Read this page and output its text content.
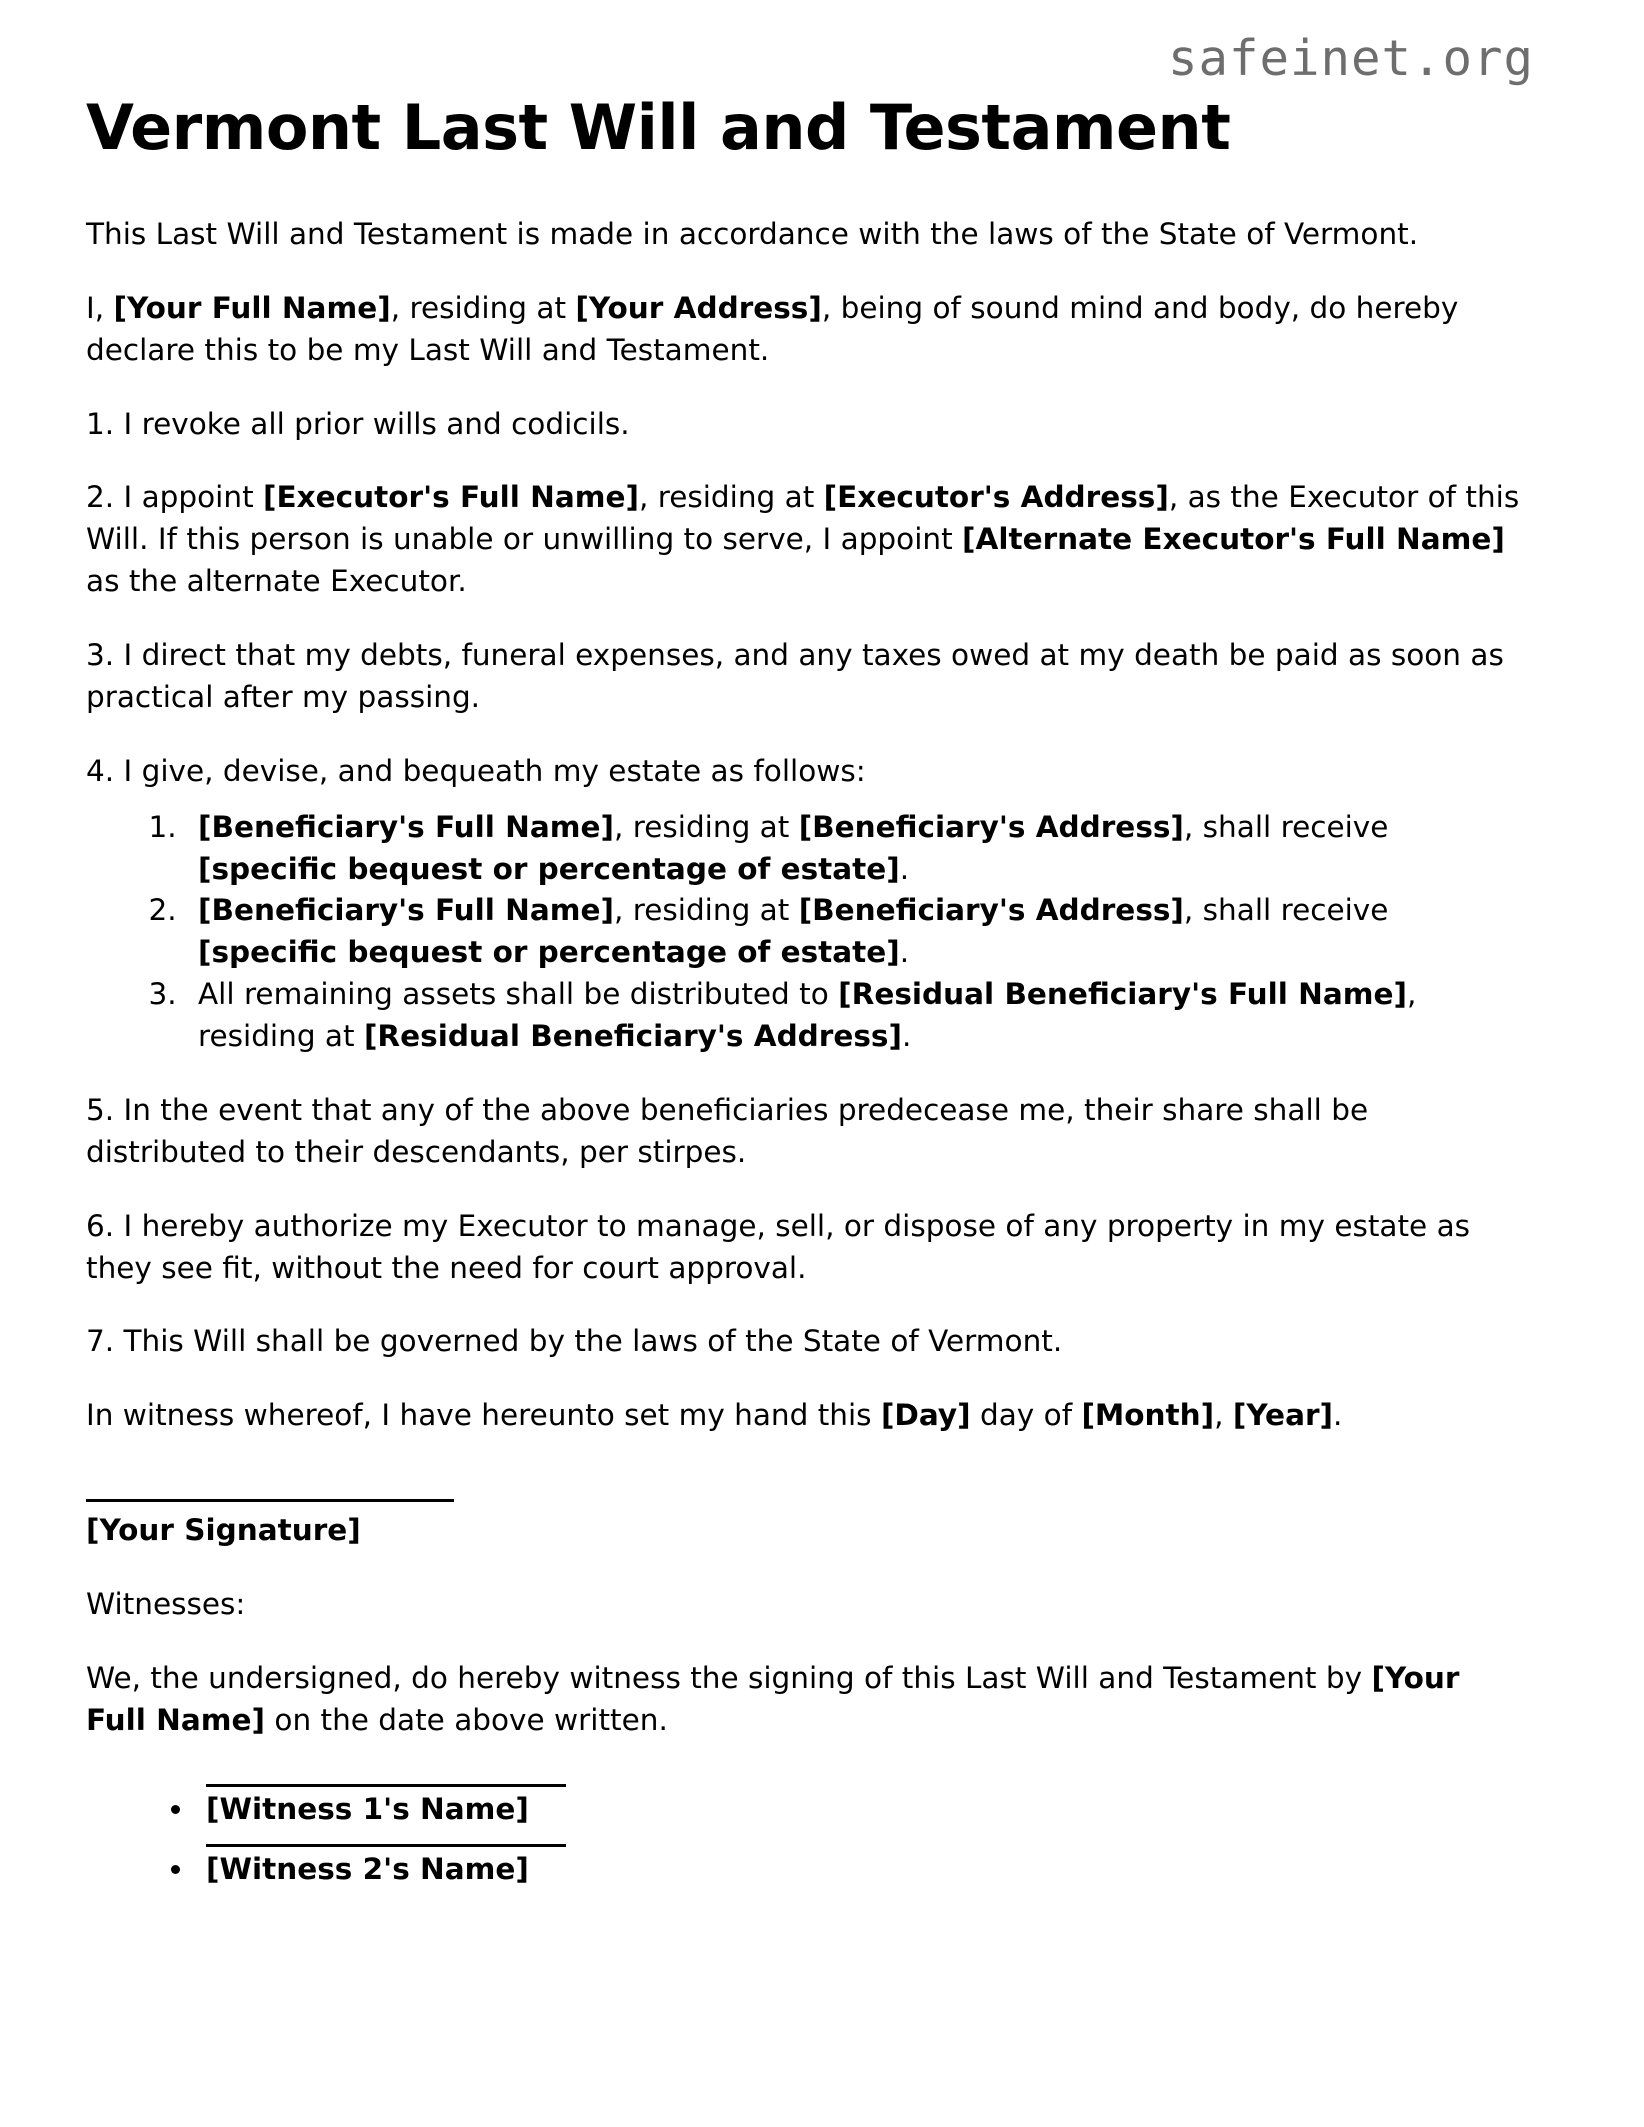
safeinet.org
Vermont Last Will and Testament

This Last Will and Testament is made in accordance with the laws of the State of Vermont.

I, [Your Full Name], residing at [Your Address], being of sound mind and body, do hereby declare this to be my Last Will and Testament.

1. I revoke all prior wills and codicils.

2. I appoint [Executor's Full Name], residing at [Executor's Address], as the Executor of this Will. If this person is unable or unwilling to serve, I appoint [Alternate Executor's Full Name] as the alternate Executor.

3. I direct that my debts, funeral expenses, and any taxes owed at my death be paid as soon as practical after my passing.

4. I give, devise, and bequeath my estate as follows:

1. [Beneficiary's Full Name], residing at [Beneficiary's Address], shall receive [specific bequest or percentage of estate].
2. [Beneficiary's Full Name], residing at [Beneficiary's Address], shall receive [specific bequest or percentage of estate].
3. All remaining assets shall be distributed to [Residual Beneficiary's Full Name], residing at [Residual Beneficiary's Address].

5. In the event that any of the above beneficiaries predecease me, their share shall be distributed to their descendants, per stirpes.

6. I hereby authorize my Executor to manage, sell, or dispose of any property in my estate as they see fit, without the need for court approval.

7. This Will shall be governed by the laws of the State of Vermont.

In witness whereof, I have hereunto set my hand this [Day] day of [Month], [Year].

[Your Signature]

Witnesses:

We, the undersigned, do hereby witness the signing of this Last Will and Testament by [Your Full Name] on the date above written.

• [Witness 1's Name]
• [Witness 2's Name]
